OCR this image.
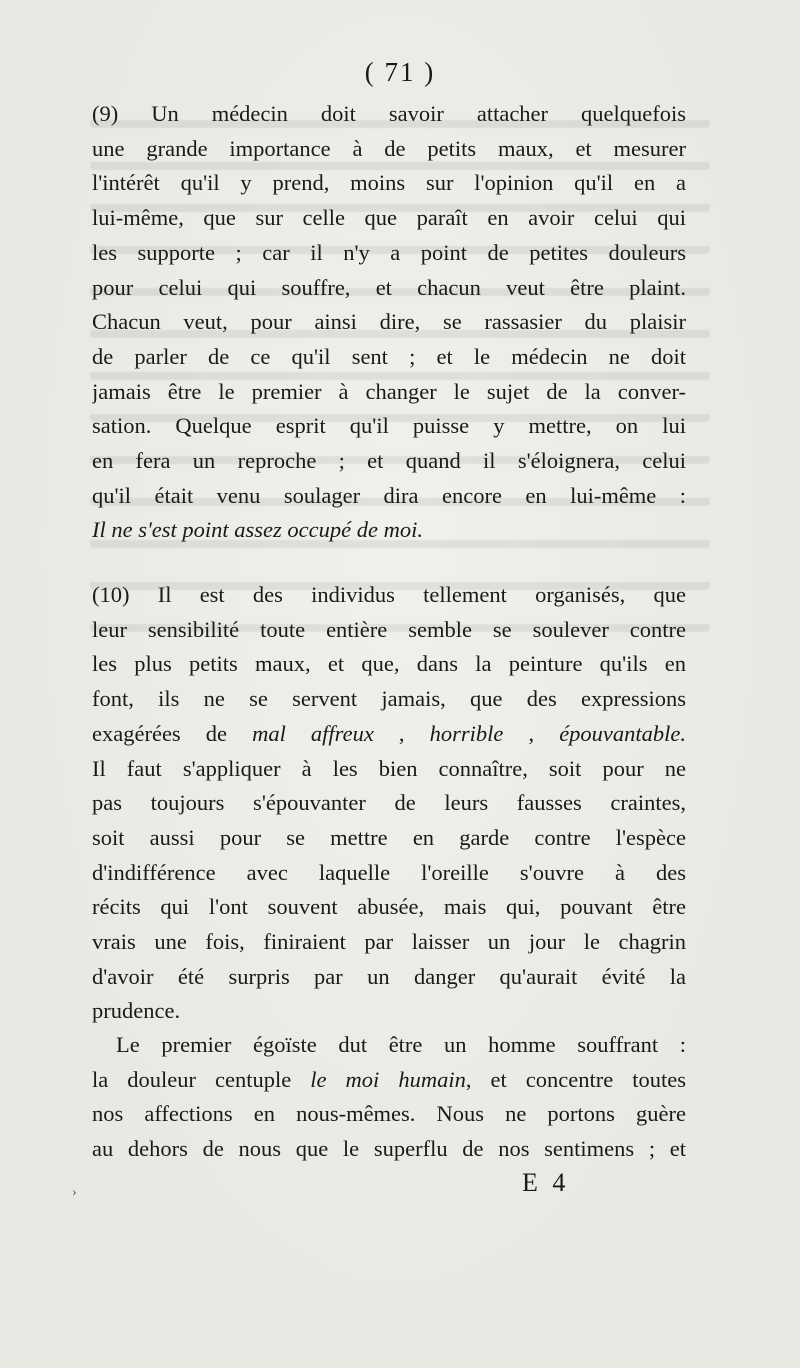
( 71 )
(9) Un médecin doit savoir attacher quelquefois
une grande importance à de petits maux, et mesurer
l'intérêt qu'il y prend, moins sur l'opinion qu'il en a
lui-même, que sur celle que paraît en avoir celui qui
les supporte ; car il n'y a point de petites douleurs
pour celui qui souffre, et chacun veut être plaint.
Chacun veut, pour ainsi dire, se rassasier du plaisir
de parler de ce qu'il sent ; et le médecin ne doit
jamais être le premier à changer le sujet de la conver-
sation. Quelque esprit qu'il puisse y mettre, on lui
en fera un reproche ; et quand il s'éloignera, celui
qu'il était venu soulager dira encore en lui-même :
Il ne s'est point assez occupé de moi.
(10) Il est des individus tellement organisés, que
leur sensibilité toute entière semble se soulever contre
les plus petits maux, et que, dans la peinture qu'ils en
font, ils ne se servent jamais, que des expressions
exagérées de mal affreux , horrible , épouvantable.
Il faut s'appliquer à les bien connaître, soit pour ne
pas toujours s'épouvanter de leurs fausses craintes,
soit aussi pour se mettre en garde contre l'espèce
d'indifférence avec laquelle l'oreille s'ouvre à des
récits qui l'ont souvent abusée, mais qui, pouvant être
vrais une fois, finiraient par laisser un jour le chagrin
d'avoir été surpris par un danger qu'aurait évité la
prudence.
Le premier égoïste dut être un homme souffrant :
la douleur centuple le moi humain, et concentre toutes
nos affections en nous-mêmes. Nous ne portons guère
au dehors de nous que le superflu de nos sentimens ; et
›	E 4
